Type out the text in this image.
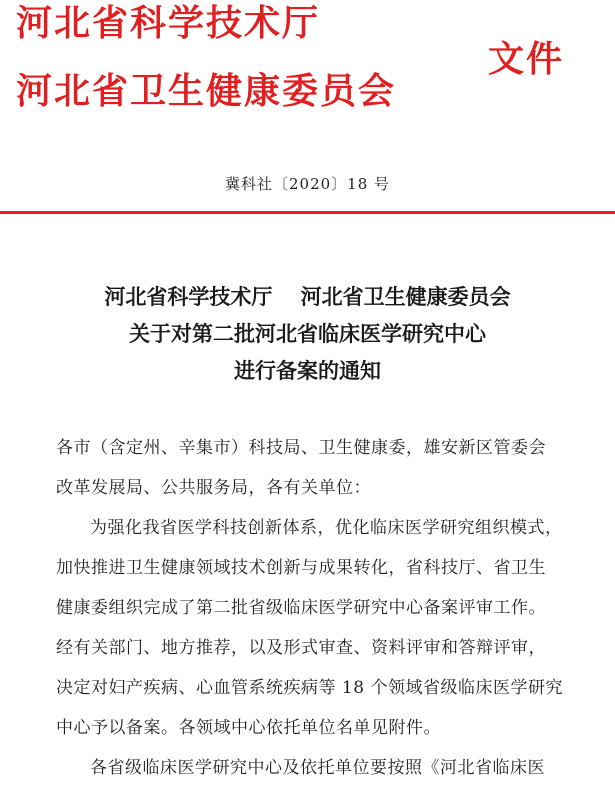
河北省科学技术厅
河北省卫生健康委员会
文件
冀科社〔2020〕18 号
河北省科学技术厅　 河北省卫生健康委员会
关于对第二批河北省临床医学研究中心
进行备案的通知
各市（含定州、辛集市）科技局、卫生健康委，雄安新区管委会
改革发展局、公共服务局，各有关单位：
为强化我省医学科技创新体系，优化临床医学研究组织模式，
加快推进卫生健康领域技术创新与成果转化，省科技厅、省卫生
健康委组织完成了第二批省级临床医学研究中心备案评审工作。
经有关部门、地方推荐，以及形式审查、资料评审和答辩评审，
决定对妇产疾病、心血管系统疾病等 18 个领域省级临床医学研究
中心予以备案。各领域中心依托单位名单见附件。
各省级临床医学研究中心及依托单位要按照《河北省临床医
